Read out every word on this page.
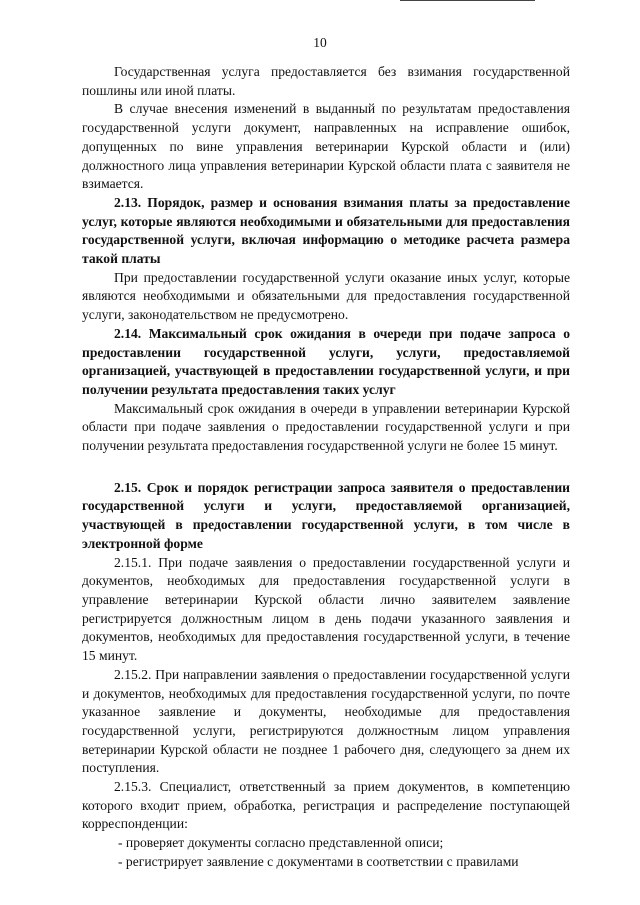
10

Государственная услуга предоставляется без взимания государственной пошлины или иной платы.

В случае внесения изменений в выданный по результатам предоставления государственной услуги документ, направленных на исправление ошибок, допущенных по вине управления ветеринарии Курской области и (или) должностного лица управления ветеринарии Курской области плата с заявителя не взимается.

2.13. Порядок, размер и основания взимания платы за предоставление услуг, которые являются необходимыми и обязательными для предоставления государственной услуги, включая информацию о методике расчета размера такой платы

При предоставлении государственной услуги оказание иных услуг, которые являются необходимыми и обязательными для предоставления государственной услуги, законодательством не предусмотрено.

2.14. Максимальный срок ожидания в очереди при подаче запроса о предоставлении государственной услуги, услуги, предоставляемой организацией, участвующей в предоставлении государственной услуги, и при получении результата предоставления таких услуг

Максимальный срок ожидания в очереди в управлении ветеринарии Курской области при подаче заявления о предоставлении государственной услуги и при получении результата предоставления государственной услуги не более 15 минут.

2.15. Срок и порядок регистрации запроса заявителя о предоставлении государственной услуги и услуги, предоставляемой организацией, участвующей в предоставлении государственной услуги, в том числе в электронной форме

2.15.1. При подаче заявления о предоставлении государственной услуги и документов, необходимых для предоставления государственной услуги в управление ветеринарии Курской области лично заявителем заявление регистрируется должностным лицом в день подачи указанного заявления и документов, необходимых для предоставления государственной услуги, в течение 15 минут.

2.15.2. При направлении заявления о предоставлении государственной услуги и документов, необходимых для предоставления государственной услуги, по почте указанное заявление и документы, необходимые для предоставления государственной услуги, регистрируются должностным лицом управления ветеринарии Курской области не позднее 1 рабочего дня, следующего за днем их поступления.

2.15.3. Специалист, ответственный за прием документов, в компетенцию которого входит прием, обработка, регистрация и распределение поступающей корреспонденции:

- проверяет документы согласно представленной описи;

- регистрирует заявление с документами в соответствии с правилами
